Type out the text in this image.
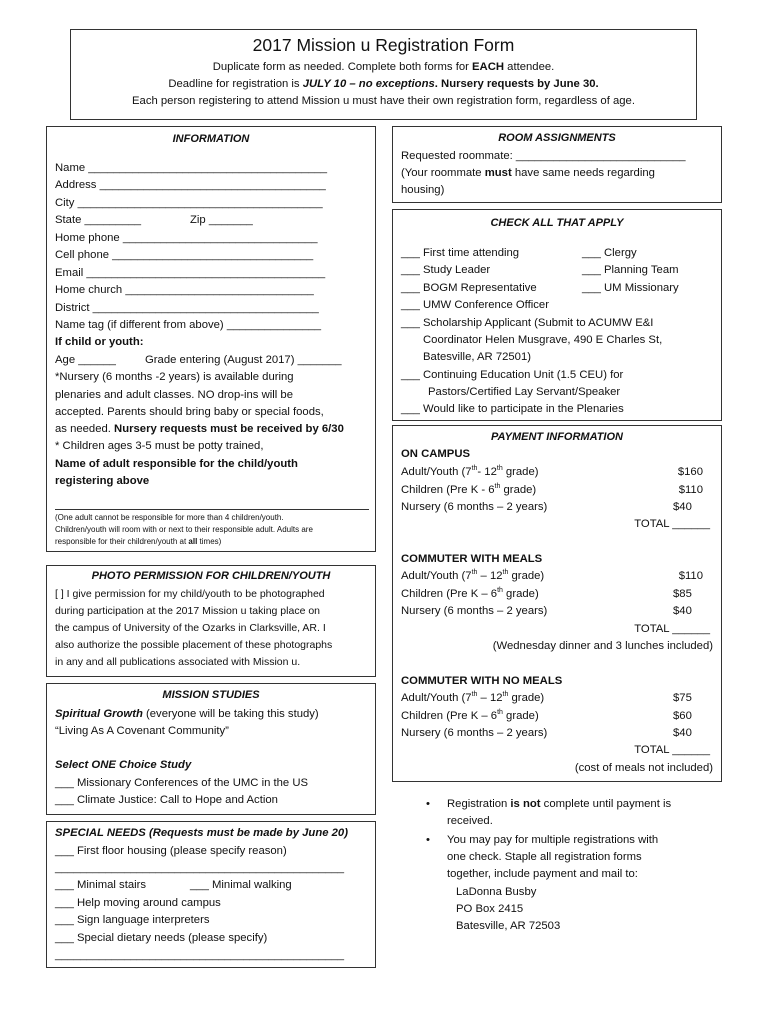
2017 Mission u Registration Form
Duplicate form as needed. Complete both forms for EACH attendee.
Deadline for registration is JULY 10 – no exceptions. Nursery requests by June 30.
Each person registering to attend Mission u must have their own registration form, regardless of age.
INFORMATION
Name ______________________________________
Address ____________________________________
City _______________________________________
State _________	Zip _______
Home phone _______________________________
Cell phone ________________________________
Email ______________________________________
Home church ______________________________
District ____________________________________
Name tag (if different from above) _______________
If child or youth:
Age ______	Grade entering (August 2017) _______
*Nursery (6 months -2 years) is available during
plenaries and adult classes. NO drop-ins will be
accepted. Parents should bring baby or special foods,
as needed. Nursery requests must be received by 6/30
* Children ages 3-5 must be potty trained,
Name of adult responsible for the child/youth
registering above
(One adult cannot be responsible for more than 4 children/youth.
Children/youth will room with or next to their responsible adult. Adults are
responsible for their children/youth at all times)
PHOTO PERMISSION FOR CHILDREN/YOUTH
[ ] I give permission for my child/youth to be photographed
during participation at the 2017 Mission u taking place on
the campus of University of the Ozarks in Clarksville, AR. I
also authorize the possible placement of these photographs
in any and all publications associated with Mission u.
MISSION STUDIES
Spiritual Growth (everyone will be taking this study)
“Living As A Covenant Community”
Select ONE Choice Study
___ Missionary Conferences of the UMC in the US
___ Climate Justice: Call to Hope and Action
SPECIAL NEEDS (Requests must be made by June 20)
___ First floor housing (please specify reason)
______________________________________________
___ Minimal stairs	___ Minimal walking
___ Help moving around campus
___ Sign language interpreters
___ Special dietary needs (please specify)
______________________________________________
ROOM ASSIGNMENTS
Requested roommate: ___________________________
(Your roommate must have same needs regarding
housing)
CHECK ALL THAT APPLY
___ First time attending	___ Clergy
___ Study Leader	___ Planning Team
___ BOGM Representative	___ UM Missionary
___ UMW Conference Officer
___ Scholarship Applicant (Submit to ACUMW E&I
Coordinator Helen Musgrave, 490 E Charles St,
Batesville, AR 72501)
___ Continuing Education Unit (1.5 CEU) for
Pastors/Certified Lay Servant/Speaker
___ Would like to participate in the Plenaries
PAYMENT INFORMATION
ON CAMPUS
Adult/Youth (7th- 12th grade)	$160
Children (Pre K - 6th grade)	$110
Nursery (6 months – 2 years)	$40
TOTAL ______
COMMUTER WITH MEALS
Adult/Youth (7th – 12th grade)	$110
Children (Pre K – 6th grade)	$85
Nursery (6 months – 2 years)	$40
TOTAL ______
(Wednesday dinner and 3 lunches included)
COMMUTER WITH NO MEALS
Adult/Youth (7th – 12th grade)	$75
Children (Pre K – 6th grade)	$60
Nursery (6 months – 2 years)	$40
TOTAL ______
(cost of meals not included)
• Registration is not complete until payment is
received.
• You may pay for multiple registrations with
one check. Staple all registration forms
together, include payment and mail to:
LaDonna Busby
PO Box 2415
Batesville, AR 72503
